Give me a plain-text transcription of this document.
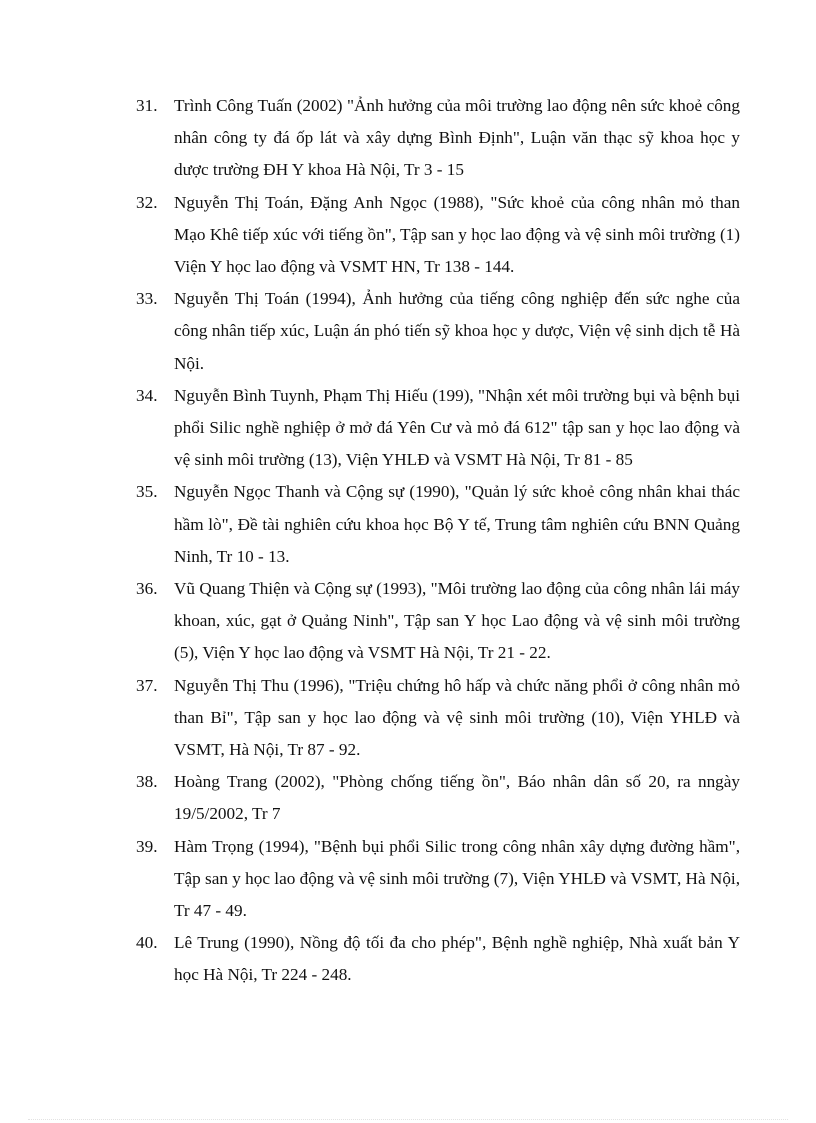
31. Trình Công Tuấn (2002) "Ảnh hưởng của môi trường lao động nên sức khoẻ công nhân công ty đá ốp lát và xây dựng Bình Định", Luận văn thạc sỹ khoa học y dược trường ĐH Y khoa Hà Nội, Tr 3 - 15
32. Nguyễn Thị Toán, Đặng Anh Ngọc (1988), "Sức khoẻ của công nhân mỏ than Mạo Khê tiếp xúc với tiếng ồn", Tập san y học lao động và vệ sinh môi trường (1) Viện Y học lao động và VSMT HN, Tr 138 - 144.
33. Nguyễn Thị Toán (1994), Ảnh hưởng của tiếng công nghiệp đến sức nghe của công nhân tiếp xúc, Luận án phó tiến sỹ khoa học y dược, Viện vệ sinh dịch tễ Hà Nội.
34. Nguyễn Bình Tuynh, Phạm Thị Hiếu (199), "Nhận xét môi trường bụi và bệnh bụi phổi Silic nghề nghiệp ở mở đá Yên Cư và mỏ đá 612" tập san y học lao động và vệ sinh môi trường (13), Viện YHLĐ và VSMT Hà Nội, Tr 81 - 85
35. Nguyễn Ngọc Thanh và Cộng sự (1990), "Quản lý sức khoẻ công nhân khai thác hầm lò", Đề tài nghiên cứu khoa học Bộ Y tế, Trung tâm nghiên cứu BNN Quảng Ninh, Tr 10 - 13.
36. Vũ Quang Thiện và Cộng sự (1993), "Môi trường lao động của công nhân lái máy khoan, xúc, gạt ở Quảng Ninh", Tập san Y học Lao động và vệ sinh môi trường (5), Viện Y học lao động và VSMT Hà Nội, Tr 21 - 22.
37. Nguyễn Thị Thu (1996), "Triệu chứng hô hấp và chức năng phổi ở công nhân mỏ than Bỉ", Tập san y học lao động và vệ sinh môi trường (10), Viện YHLĐ và VSMT, Hà Nội, Tr 87 - 92.
38. Hoàng Trang (2002), "Phòng chống tiếng ồn", Báo nhân dân số 20, ra nngày 19/5/2002, Tr 7
39. Hàm Trọng (1994), "Bệnh bụi phổi Silic trong công nhân xây dựng đường hầm", Tập san y học lao động và vệ sinh môi trường (7), Viện YHLĐ và VSMT, Hà Nội, Tr 47 - 49.
40. Lê Trung (1990), Nồng độ tối đa cho phép", Bệnh nghề nghiệp, Nhà xuất bản Y học Hà Nội, Tr 224 - 248.
